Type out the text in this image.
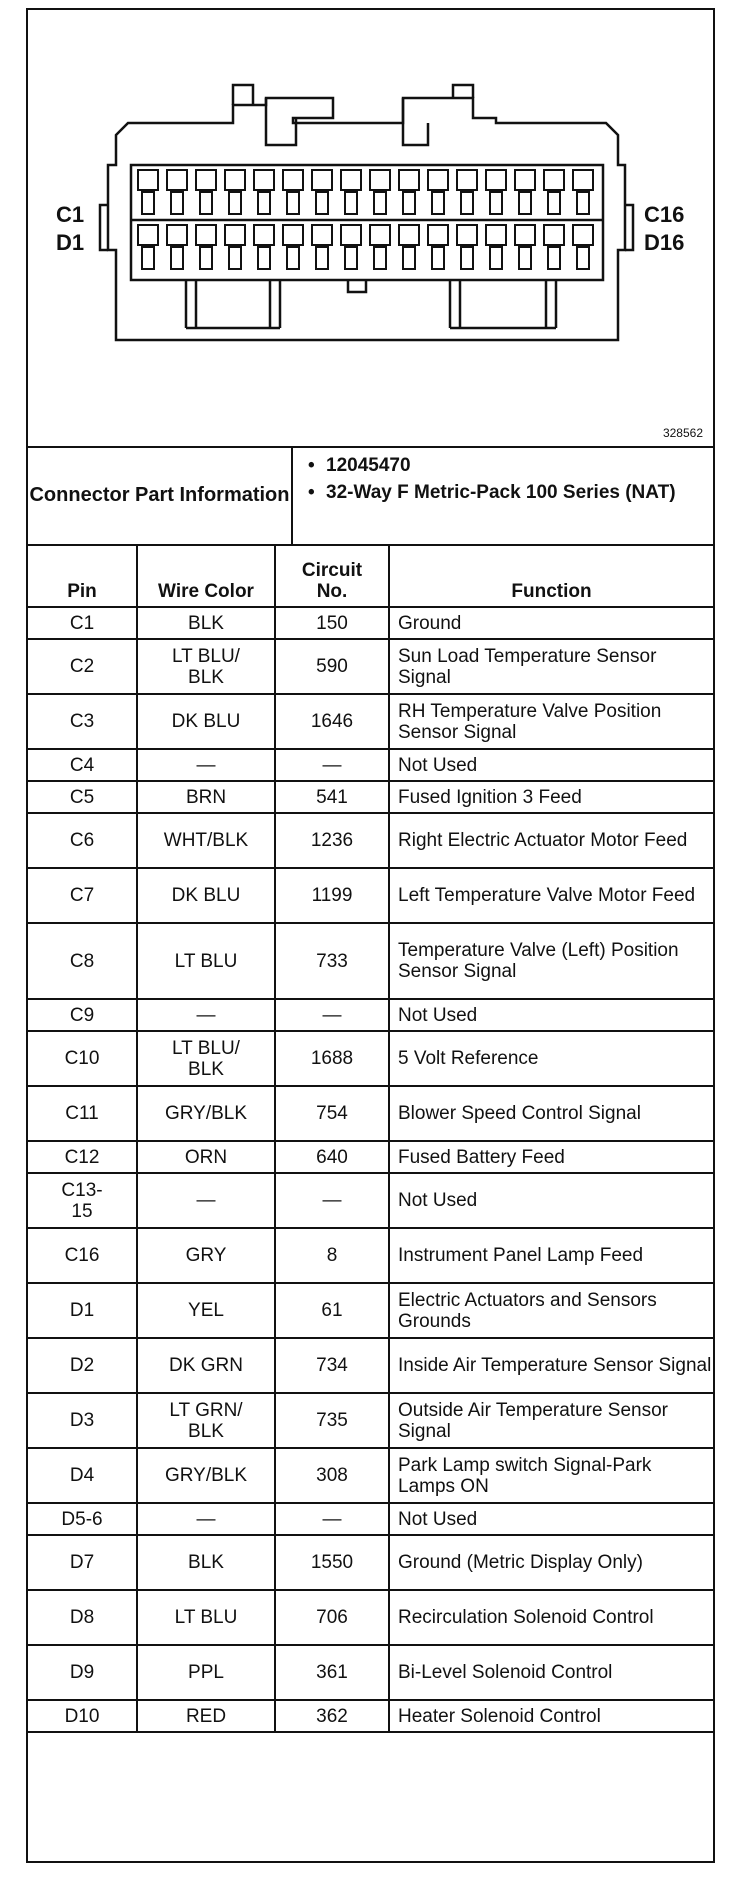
C1
D1
C16
D16
328562
Connector Part Information
• 12045470
• 32-Way F Metric-Pack 100 Series (NAT)
Pin	Wire Color	Circuit No.	Function
C1	BLK	150	Ground
C2	LT BLU/ BLK	590	Sun Load Temperature Sensor Signal
C3	DK BLU	1646	RH Temperature Valve Position Sensor Signal
C4	—	—	Not Used
C5	BRN	541	Fused Ignition 3 Feed
C6	WHT/BLK	1236	Right Electric Actuator Motor Feed
C7	DK BLU	1199	Left Temperature Valve Motor Feed
C8	LT BLU	733	Temperature Valve (Left) Position Sensor Signal
C9	—	—	Not Used
C10	LT BLU/ BLK	1688	5 Volt Reference
C11	GRY/BLK	754	Blower Speed Control Signal
C12	ORN	640	Fused Battery Feed
C13- 15	—	—	Not Used
C16	GRY	8	Instrument Panel Lamp Feed
D1	YEL	61	Electric Actuators and Sensors Grounds
D2	DK GRN	734	Inside Air Temperature Sensor Signal
D3	LT GRN/ BLK	735	Outside Air Temperature Sensor Signal
D4	GRY/BLK	308	Park Lamp switch Signal-Park Lamps ON
D5-6	—	—	Not Used
D7	BLK	1550	Ground (Metric Display Only)
D8	LT BLU	706	Recirculation Solenoid Control
D9	PPL	361	Bi-Level Solenoid Control
D10	RED	362	Heater Solenoid Control
